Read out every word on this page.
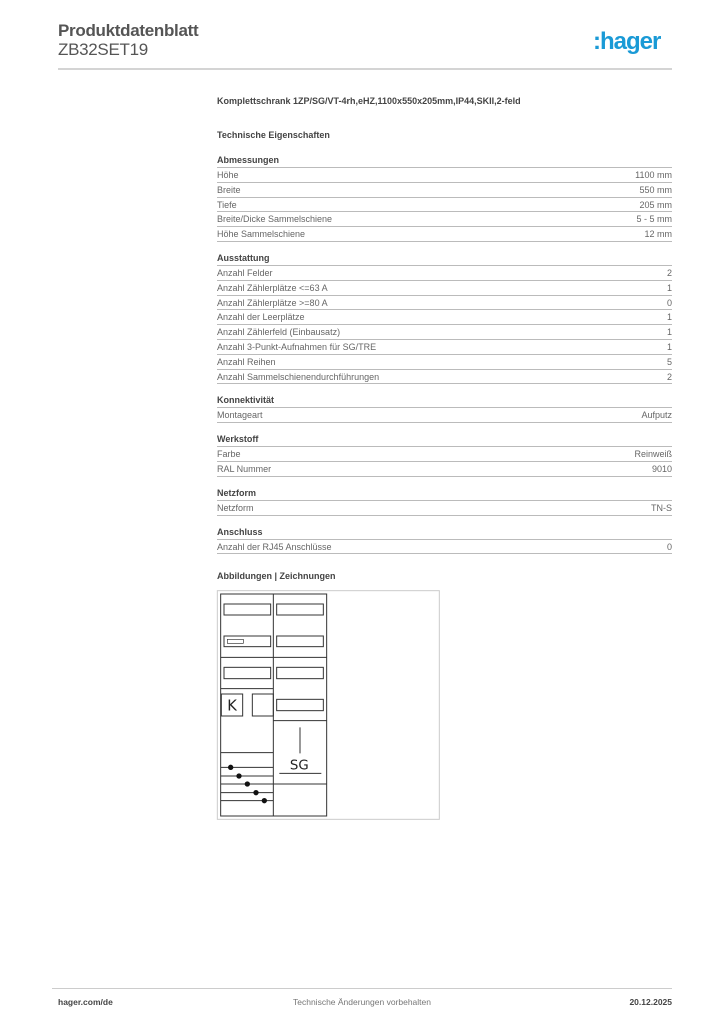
Produktdatenblatt
ZB32SET19	:hager
Komplettschrank 1ZP/SG/VT-4rh,eHZ,1100x550x205mm,IP44,SKII,2-feld
Technische Eigenschaften
Abmessungen
Höhe	1100 mm
Breite	550 mm
Tiefe	205 mm
Breite/Dicke Sammelschiene	5 - 5 mm
Höhe Sammelschiene	12 mm
Ausstattung
Anzahl Felder	2
Anzahl Zählerplätze <=63 A	1
Anzahl Zählerplätze >=80 A	0
Anzahl der Leerplätze	1
Anzahl Zählerfeld (Einbausatz)	1
Anzahl 3-Punkt-Aufnahmen für SG/TRE	1
Anzahl Reihen	5
Anzahl Sammelschienendurchführungen	2
Konnektivität
Montageart	Aufputz
Werkstoff
Farbe	Reinweiß
RAL Nummer	9010
Netzform
Netzform	TN-S
Anschluss
Anzahl der RJ45 Anschlüsse	0
Abbildungen | Zeichnungen
K
SG
hager.com/de	Technische Änderungen vorbehalten	20.12.2025
